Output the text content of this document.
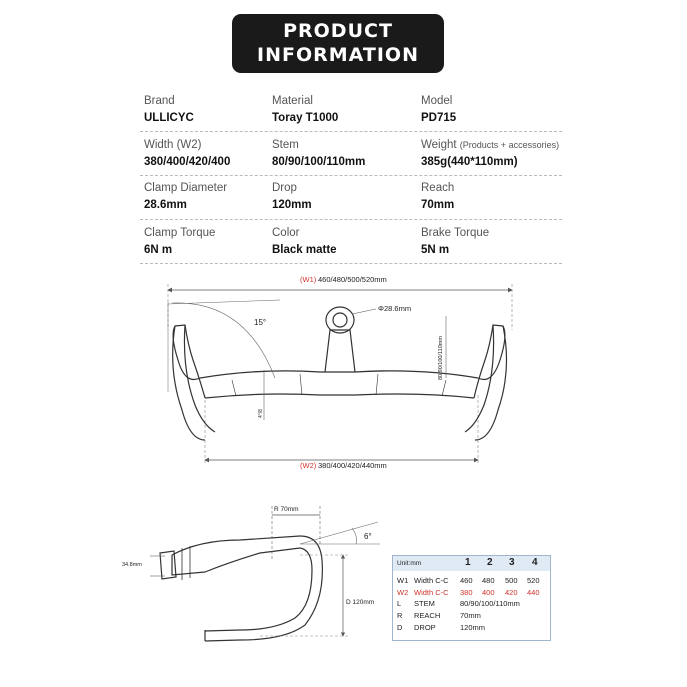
PRODUCT
INFORMATION
Brand
ULLICYC
Material
Toray T1000
Model
PD715
Width (W2)
380/400/420/400
Stem
80/90/100/110mm
Weight (Products + accessories)
385g(440*110mm)
Clamp Diameter
28.6mm
Drop
120mm
Reach
70mm
Clamp Torque
6N m
Color
Black matte
Brake Torque
5N m
(W1) 460/480/500/520mm
(W2) 380/400/420/440mm
15°
Φ28.6mm
80/90/100/110mm
4°/8
R 70mm
6°
D 120mm
34.8mm	Unit:mm	1 2 3 4
W1 Width C-C 460 480 500 520
W2 Width C-C 380 400 420 440
L STEM	80/90/100/110mm
R REACH	70mm
D DROP	120mm
